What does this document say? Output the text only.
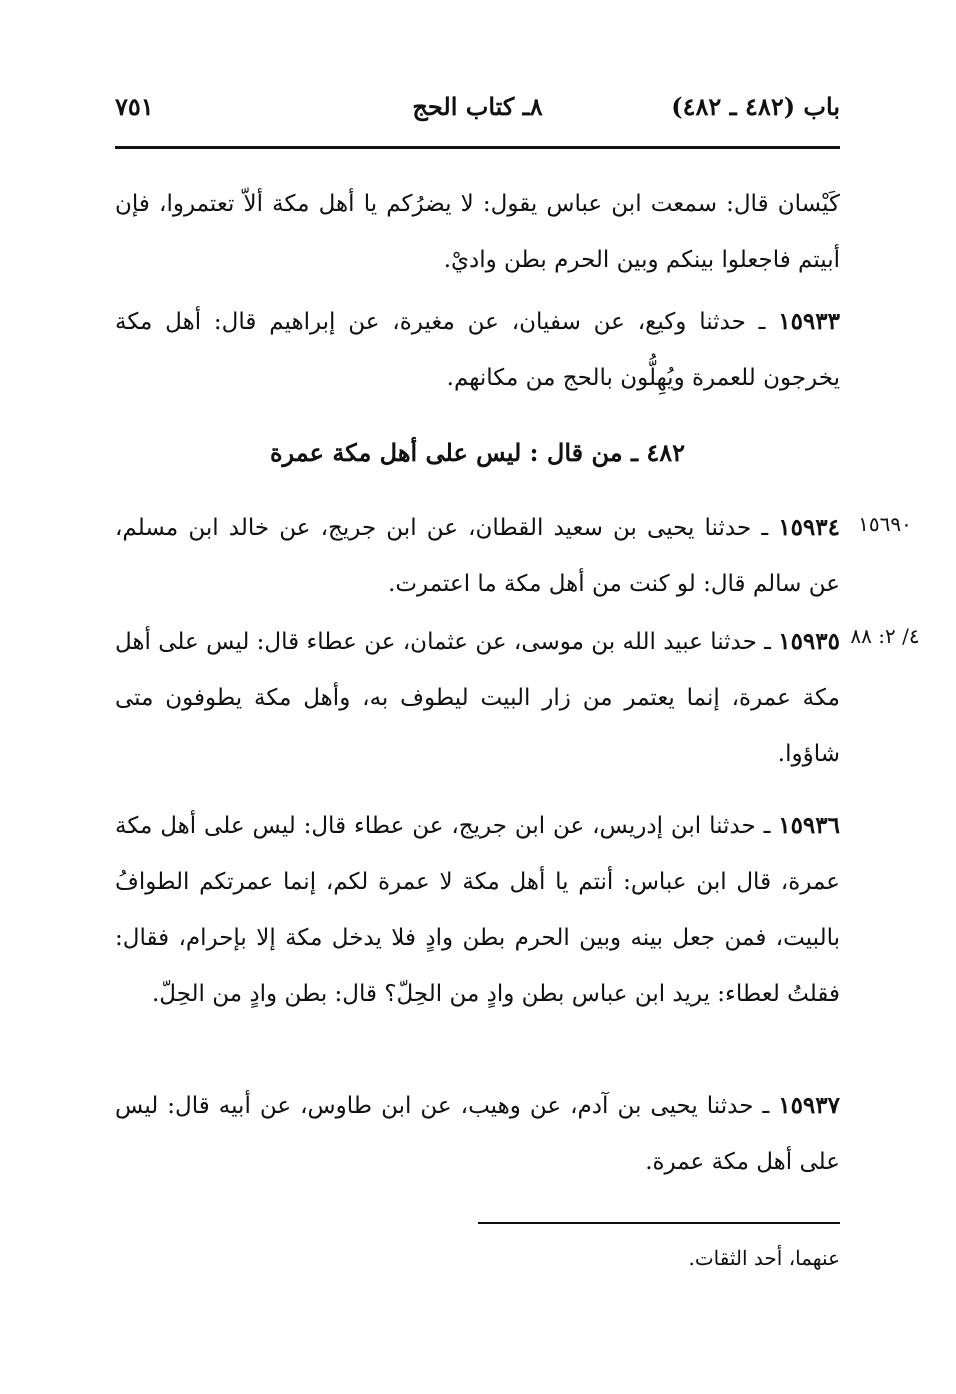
باب (٤٨٢ ـ ٤٨٢)
٨ـ كتاب الحج
٧٥١

كَيْسان قال: سمعت ابن عباس يقول: لا يضرُكم يا أهل مكة ألاّ تعتمروا، فإن أبيتم فاجعلوا بينكم وبين الحرم بطن واديْ.

١٥٩٣٣ ـ حدثنا وكيع، عن سفيان، عن مغيرة، عن إبراهيم قال: أهل مكة يخرجون للعمرة ويُهِلُّون بالحج من مكانهم.

٤٨٢ ـ من قال : ليس على أهل مكة عمرة
١٥٦٩٠

١٥٩٣٤ ـ حدثنا يحيى بن سعيد القطان، عن ابن جريج، عن خالد ابن مسلم، عن سالم قال: لو كنت من أهل مكة ما اعتمرت.

٤/ ٢: ٨٨

١٥٩٣٥ ـ حدثنا عبيد الله بن موسى، عن عثمان، عن عطاء قال: ليس على أهل مكة عمرة، إنما يعتمر من زار البيت ليطوف به، وأهل مكة يطوفون متى شاؤوا.

١٥٩٣٦ ـ حدثنا ابن إدريس، عن ابن جريج، عن عطاء قال: ليس على أهل مكة عمرة، قال ابن عباس: أنتم يا أهل مكة لا عمرة لكم، إنما عمرتكم الطوافُ بالبيت، فمن جعل بينه وبين الحرم بطن وادٍ فلا يدخل مكة إلا بإحرام، فقال: فقلتُ لعطاء: يريد ابن عباس بطن وادٍ من الحِلّ؟ قال: بطن وادٍ من الحِلّ.

١٥٩٣٧ ـ حدثنا يحيى بن آدم، عن وهيب، عن ابن طاوس، عن أبيه قال: ليس على أهل مكة عمرة.

عنهما، أحد الثقات.
